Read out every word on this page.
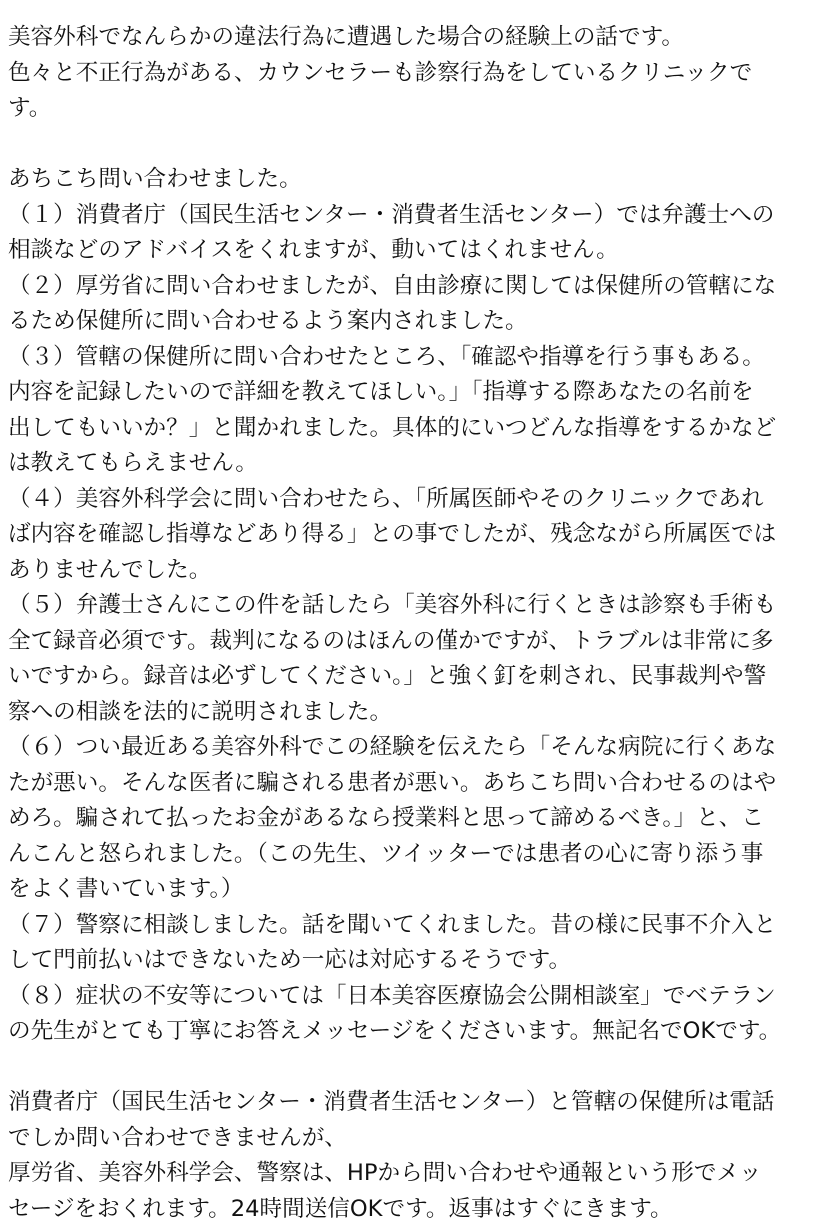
美容外科でなんらかの違法行為に遭遇した場合の経験上の話です。
色々と不正行為がある、カウンセラーも診察行為をしているクリニックで
す。
あちこち問い合わせました。
（１）消費者庁（国民生活センター・消費者生活センター）では弁護士への
相談などのアドバイスをくれますが、動いてはくれません。
（２）厚労省に問い合わせましたが、自由診療に関しては保健所の管轄にな
るため保健所に問い合わせるよう案内されました。
（３）管轄の保健所に問い合わせたところ、「確認や指導を行う事もある。
内容を記録したいので詳細を教えてほしい。」「指導する際あなたの名前を
出してもいいか？」と聞かれました。具体的にいつどんな指導をするかなど
は教えてもらえません。
（４）美容外科学会に問い合わせたら、「所属医師やそのクリニックであれ
ば内容を確認し指導などあり得る」との事でしたが、残念ながら所属医では
ありませんでした。
（５）弁護士さんにこの件を話したら「美容外科に行くときは診察も手術も
全て録音必須です。裁判になるのはほんの僅かですが、トラブルは非常に多
いですから。録音は必ずしてください。」と強く釘を刺され、民事裁判や警
察への相談を法的に説明されました。
（６）つい最近ある美容外科でこの経験を伝えたら「そんな病院に行くあな
たが悪い。そんな医者に騙される患者が悪い。あちこち問い合わせるのはや
めろ。騙されて払ったお金があるなら授業料と思って諦めるべき。」と、こ
んこんと怒られました。（この先生、ツイッターでは患者の心に寄り添う事
をよく書いています。）
（７）警察に相談しました。話を聞いてくれました。昔の様に民事不介入と
して門前払いはできないため一応は対応するそうです。
（８）症状の不安等については「日本美容医療協会公開相談室」でベテラン
の先生がとても丁寧にお答えメッセージをくださいます。無記名でOKです。
消費者庁（国民生活センター・消費者生活センター）と管轄の保健所は電話
でしか問い合わせできませんが、
厚労省、美容外科学会、警察は、HPから問い合わせや通報という形でメッ
セージをおくれます。24時間送信OKです。返事はすぐにきます。
